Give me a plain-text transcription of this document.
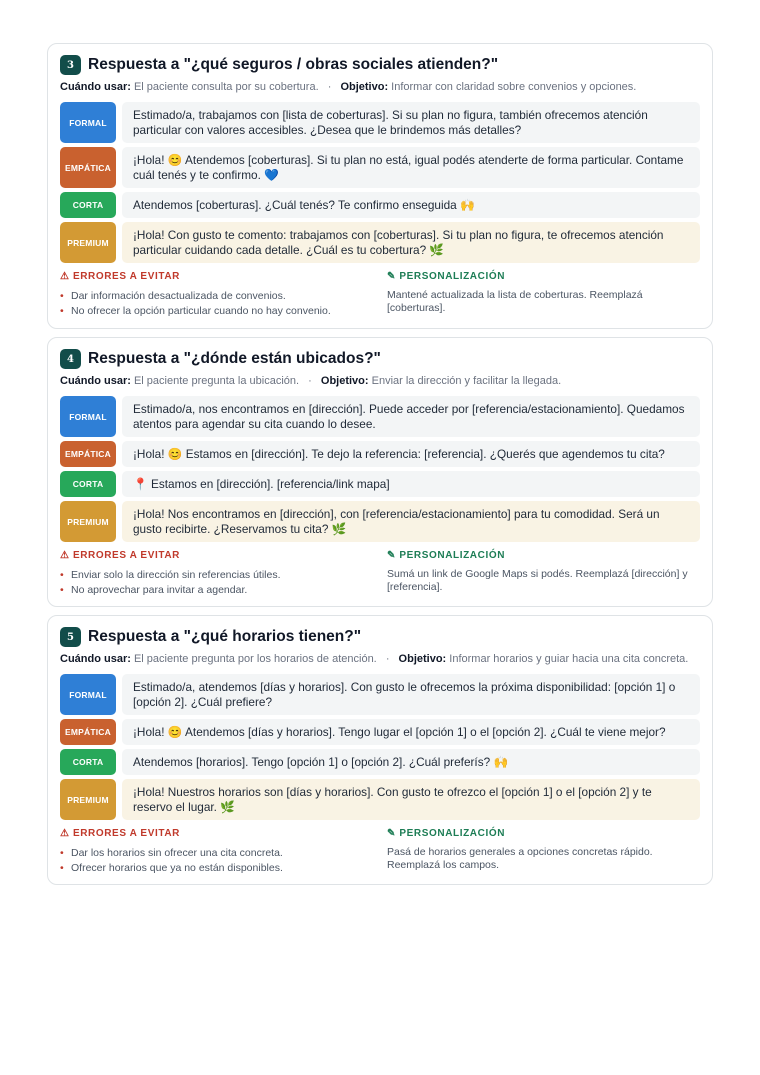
3 Respuesta a "¿qué seguros / obras sociales atienden?"
Cuándo usar: El paciente consulta por su cobertura. · Objetivo: Informar con claridad sobre convenios y opciones.
FORMAL
Estimado/a, trabajamos con [lista de coberturas]. Si su plan no figura, también ofrecemos atención particular con valores accesibles. ¿Desea que le brindemos más detalles?
EMPÁTICA
¡Hola! 😊 Atendemos [coberturas]. Si tu plan no está, igual podés atenderte de forma particular. Contame cuál tenés y te confirmo. 💙
CORTA	Atendemos [coberturas]. ¿Cuál tenés? Te confirmo enseguida 🙌
PREMIUM
¡Hola! Con gusto te comento: trabajamos con [coberturas]. Si tu plan no figura, te ofrecemos atención particular cuidando cada detalle. ¿Cuál es tu cobertura? 🌿
⚠ ERRORES A EVITAR
• Dar información desactualizada de convenios.
• No ofrecer la opción particular cuando no hay convenio.
✎ PERSONALIZACIÓN
Mantené actualizada la lista de coberturas. Reemplazá [coberturas].
4 Respuesta a "¿dónde están ubicados?"
Cuándo usar: El paciente pregunta la ubicación. · Objetivo: Enviar la dirección y facilitar la llegada.
FORMAL
Estimado/a, nos encontramos en [dirección]. Puede acceder por [referencia/estacionamiento]. Quedamos atentos para agendar su cita cuando lo desee.
EMPÁTICA	¡Hola! 😊 Estamos en [dirección]. Te dejo la referencia: [referencia]. ¿Querés que agendemos tu cita?
CORTA	📍 Estamos en [dirección]. [referencia/link mapa]
PREMIUM
¡Hola! Nos encontramos en [dirección], con [referencia/estacionamiento] para tu comodidad. Será un gusto recibirte. ¿Reservamos tu cita? 🌿
⚠ ERRORES A EVITAR
• Enviar solo la dirección sin referencias útiles.
• No aprovechar para invitar a agendar.
✎ PERSONALIZACIÓN
Sumá un link de Google Maps si podés. Reemplazá [dirección] y [referencia].
5 Respuesta a "¿qué horarios tienen?"
Cuándo usar: El paciente pregunta por los horarios de atención. · Objetivo: Informar horarios y guiar hacia una cita concreta.
FORMAL
Estimado/a, atendemos [días y horarios]. Con gusto le ofrecemos la próxima disponibilidad: [opción 1] o [opción 2]. ¿Cuál prefiere?
EMPÁTICA	¡Hola! 😊 Atendemos [días y horarios]. Tengo lugar el [opción 1] o el [opción 2]. ¿Cuál te viene mejor?
CORTA	Atendemos [horarios]. Tengo [opción 1] o [opción 2]. ¿Cuál preferís? 🙌
PREMIUM
¡Hola! Nuestros horarios son [días y horarios]. Con gusto te ofrezco el [opción 1] o el [opción 2] y te reservo el lugar. 🌿
⚠ ERRORES A EVITAR
• Dar los horarios sin ofrecer una cita concreta.
• Ofrecer horarios que ya no están disponibles.
✎ PERSONALIZACIÓN
Pasá de horarios generales a opciones concretas rápido. Reemplazá los campos.
